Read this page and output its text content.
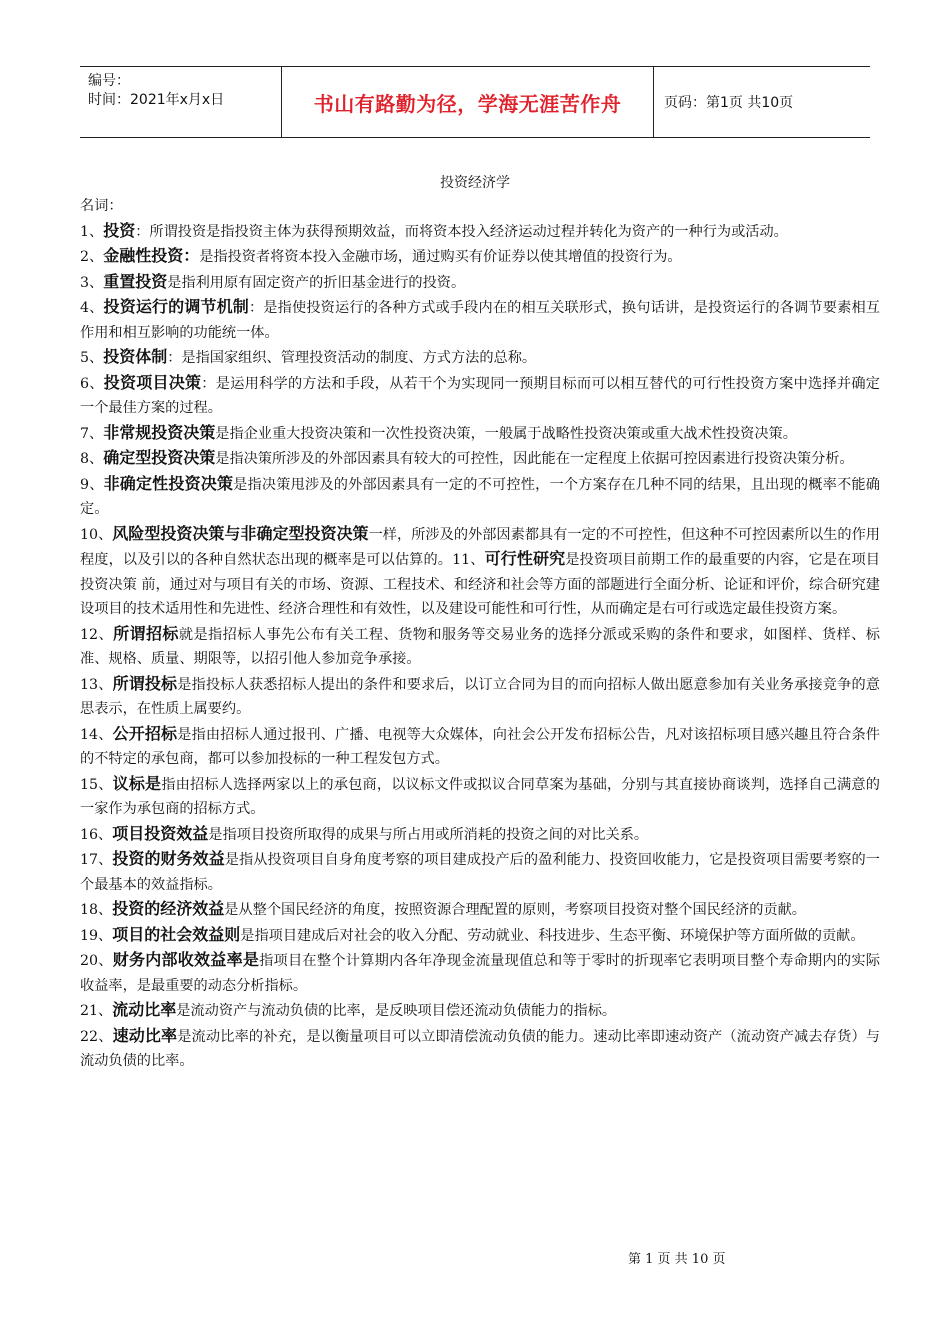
编号：
时间：2021年x月x日	书山有路勤为径，学海无涯苦作舟	页码：第1页 共10页
投资经济学
名词：
1、投资：所谓投资是指投资主体为获得预期效益，而将资本投入经济运动过程并转化为资产的一种行为或活动。
2、金融性投资：是指投资者将资本投入金融市场，通过购买有价证券以使其增值的投资行为。
3、重置投资是指利用原有固定资产的折旧基金进行的投资。
4、投资运行的调节机制：是指使投资运行的各种方式或手段内在的相互关联形式，换句话讲，是投资运行的各调节要素相互作用和相互影响的功能统一体。
5、投资体制：是指国家组织、管理投资活动的制度、方式方法的总称。
6、投资项目决策：是运用科学的方法和手段，从若干个为实现同一预期目标而可以相互替代的可行性投资方案中选择并确定一个最佳方案的过程。
7、非常规投资决策是指企业重大投资决策和一次性投资决策，一般属于战略性投资决策或重大战术性投资决策。
8、确定型投资决策是指决策所涉及的外部因素具有较大的可控性，因此能在一定程度上依据可控因素进行投资决策分析。
9、非确定性投资决策是指决策甩涉及的外部因素具有一定的不可控性，一个方案存在几种不同的结果，且出现的概率不能确定。
10、风险型投资决策与非确定型投资决策一样，所涉及的外部因素都具有一定的不可控性，但这种不可控因素所以生的作用程度，以及引以的各种自然状态出现的概率是可以估算的。11、可行性研究是投资项目前期工作的最重要的内容，它是在项目投资决策 前，通过对与项目有关的市场、资源、工程技术、和经济和社会等方面的部题进行全面分析、论证和评价，综合研究建设项目的技术适用性和先进性、经济合理性和有效性，以及建设可能性和可行性，从而确定是右可行或选定最佳投资方案。
12、所谓招标就是指招标人事先公布有关工程、货物和服务等交易业务的选择分派或采购的条件和要求，如图样、货样、标准、规格、质量、期限等，以招引他人参加竞争承接。
13、所谓投标是指投标人获悉招标人提出的条件和要求后，以订立合同为目的而向招标人做出愿意参加有关业务承接竞争的意思表示，在性质上属要约。
14、公开招标是指由招标人通过报刊、广播、电视等大众媒体，向社会公开发布招标公告，凡对该招标项目感兴趣且符合条件的不特定的承包商，都可以参加投标的一种工程发包方式。
15、议标是指由招标人选择两家以上的承包商，以议标文件或拟议合同草案为基础，分别与其直接协商谈判，选择自己满意的一家作为承包商的招标方式。
16、项目投资效益是指项目投资所取得的成果与所占用或所消耗的投资之间的对比关系。
17、投资的财务效益是指从投资项目自身角度考察的项目建成投产后的盈利能力、投资回收能力，它是投资项目需要考察的一个最基本的效益指标。
18、投资的经济效益是从整个国民经济的角度，按照资源合理配置的原则，考察项目投资对整个国民经济的贡献。
19、项目的社会效益则是指项目建成后对社会的收入分配、劳动就业、科技进步、生态平衡、环境保护等方面所做的贡献。
20、财务内部收效益率是指项目在整个计算期内各年净现金流量现值总和等于零时的折现率它表明项目整个寿命期内的实际收益率，是最重要的动态分析指标。
21、流动比率是流动资产与流动负债的比率，是反映项目偿还流动负债能力的指标。
22、速动比率是流动比率的补充，是以衡量项目可以立即清偿流动负债的能力。速动比率即速动资产（流动资产减去存货）与流动负债的比率。
第 1 页 共 10 页
